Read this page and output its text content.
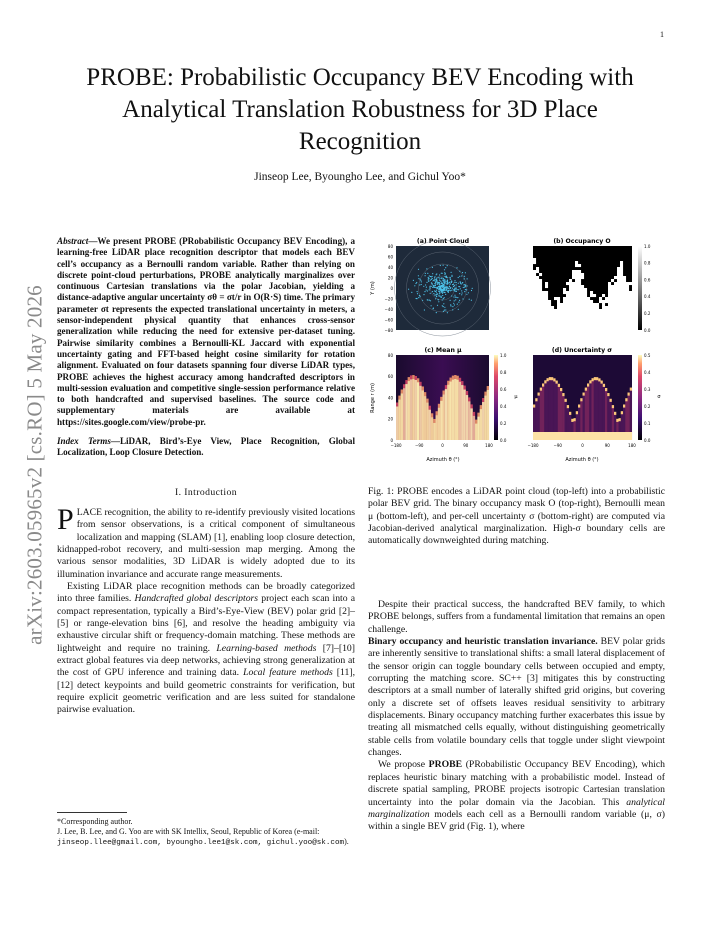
1
arXiv:2603.05965v2 [cs.RO] 5 May 2026
PROBE: Probabilistic Occupancy BEV Encoding with Analytical Translation Robustness for 3D Place Recognition
Jinseop Lee, Byoungho Lee, and Gichul Yoo*

Abstract—We present PROBE (PRobabilistic Occupancy BEV Encoding), a learning-free LiDAR place recognition descriptor that models each BEV cell’s occupancy as a Bernoulli random variable. Rather than relying on discrete point-cloud perturbations, PROBE analytically marginalizes over continuous Cartesian translations via the polar Jacobian, yielding a distance-adaptive angular uncertainty σθ = σt/r in O(R·S) time. The primary parameter σt represents the expected translational uncertainty in meters, a sensor-independent physical quantity that enhances cross-sensor generalization while reducing the need for extensive per-dataset tuning. Pairwise similarity combines a Bernoulli-KL Jaccard with exponential uncertainty gating and FFT-based height cosine similarity for rotation alignment. Evaluated on four datasets spanning four diverse LiDAR types, PROBE achieves the highest accuracy among handcrafted descriptors in multi-session evaluation and competitive single-session performance relative to both handcrafted and supervised baselines. The source code and supplementary materials are available at https://sites.google.com/view/probe-pr.

Index Terms—LiDAR, Bird’s-Eye View, Place Recognition, Global Localization, Loop Closure Detection.

I. Introduction

PLACE recognition, the ability to re-identify previously visited locations from sensor observations, is a critical component of simultaneous localization and mapping (SLAM) [1], enabling loop closure detection, kidnapped-robot recovery, and multi-session map merging. Among the various sensor modalities, 3D LiDAR is widely adopted due to its illumination invariance and accurate range measurements.

Existing LiDAR place recognition methods can be broadly categorized into three families. Handcrafted global descriptors project each scan into a compact representation, typically a Bird’s-Eye-View (BEV) polar grid [2]–[5] or range-elevation bins [6], and resolve the heading ambiguity via exhaustive circular shift or frequency-domain matching. These methods are lightweight and require no training. Learning-based methods [7]–[10] extract global features via deep networks, achieving strong generalization at the cost of GPU inference and training data. Local feature methods [11], [12] detect keypoints and build geometric constraints for verification, but require explicit geometric verification and are less suited for standalone pairwise evaluation.

*Corresponding author.
J. Lee, B. Lee, and G. Yoo are with SK Intellix, Seoul, Republic of Korea (e-mail: jinseop.llee@gmail.com, byoungho.lee1@sk.com, gichul.yoo@sk.com).
(a) Point Cloud
80
60
40
20
0
−20
−40
−60
−80
Y (m)
(b) Occupancy O
1.0
0.8
0.6
0.4
0.2
0.0
(c) Mean μ
1.0
0.8
0.6
0.4
0.2
0.0
μ
80
60
40
20
0
Range r (m)
−180	−90	0	90	180
Azimuth θ (°)
(d) Uncertainty σ
0.5
0.4
0.3
0.2
0.1
0.0
σ
−180	−90	0	90	180
Azimuth θ (°)
Fig. 1: PROBE encodes a LiDAR point cloud (top-left) into a probabilistic polar BEV grid. The binary occupancy mask O (top-right), Bernoulli mean μ (bottom-left), and per-cell uncertainty σ (bottom-right) are computed via Jacobian-derived analytical marginalization. High-σ boundary cells are automatically downweighted during matching.

Despite their practical success, the handcrafted BEV family, to which PROBE belongs, suffers from a fundamental limitation that remains an open challenge.

Binary occupancy and heuristic translation invariance. BEV polar grids are inherently sensitive to translational shifts: a small lateral displacement of the sensor origin can toggle boundary cells between occupied and empty, corrupting the matching score. SC++ [3] mitigates this by constructing descriptors at a small number of laterally shifted grid origins, but covering only a discrete set of offsets leaves residual sensitivity to arbitrary displacements. Binary occupancy matching further exacerbates this issue by treating all mismatched cells equally, without distinguishing geometrically stable cells from volatile boundary cells that toggle under slight viewpoint changes.

We propose PROBE (PRobabilistic Occupancy BEV Encoding), which replaces heuristic binary matching with a probabilistic model. Instead of discrete spatial sampling, PROBE projects isotropic Cartesian translation uncertainty into the polar domain via the Jacobian. This analytical marginalization models each cell as a Bernoulli random variable (μ, σ) within a single BEV grid (Fig. 1), where
